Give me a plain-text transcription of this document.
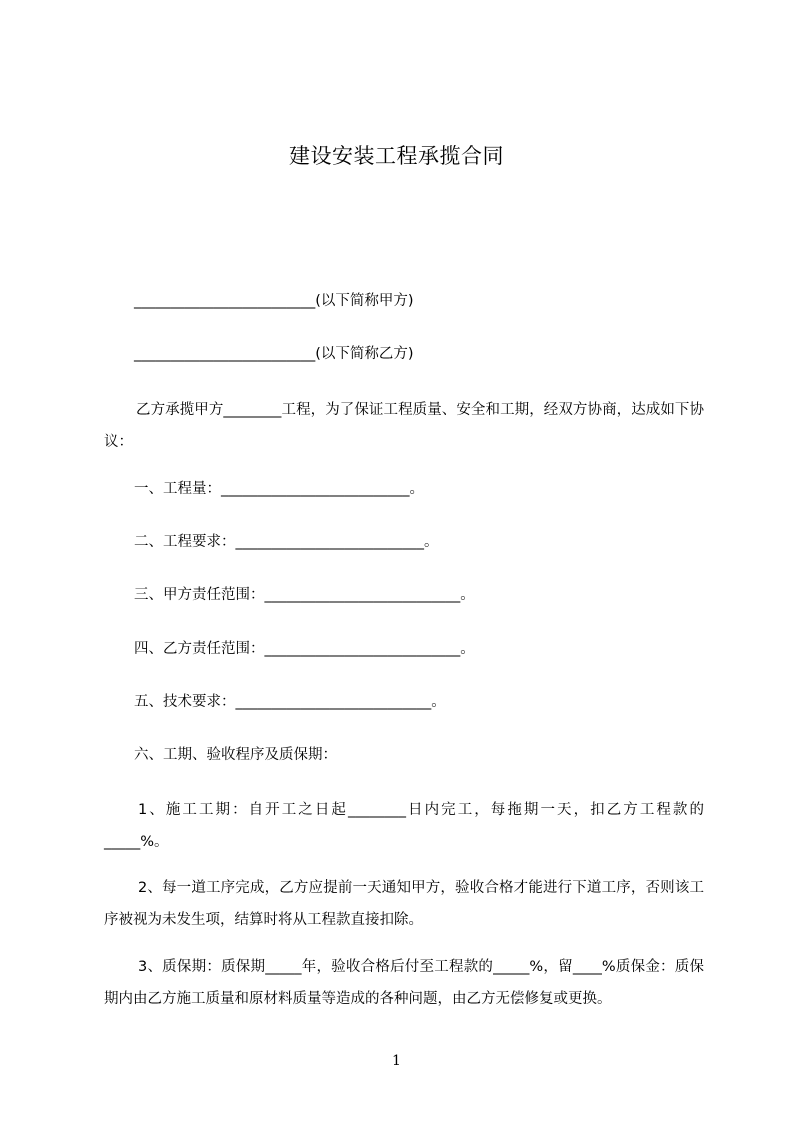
建设安装工程承揽合同
_________________________(以下简称甲方)
_________________________(以下简称乙方)
乙方承揽甲方________工程，为了保证工程质量、安全和工期，经双方协商，达成如下协议：
一、工程量：__________________________。
二、工程要求：__________________________。
三、甲方责任范围：___________________________。
四、乙方责任范围：___________________________。
五、技术要求：___________________________。
六、工期、验收程序及质保期：
1、施工工期：自开工之日起________日内完工，每拖期一天，扣乙方工程款的_____%。
2、每一道工序完成，乙方应提前一天通知甲方，验收合格才能进行下道工序，否则该工序被视为未发生项，结算时将从工程款直接扣除。
3、质保期：质保期_____年，验收合格后付至工程款的_____%，留____%质保金：质保期内由乙方施工质量和原材料质量等造成的各种问题，由乙方无偿修复或更换。
1
